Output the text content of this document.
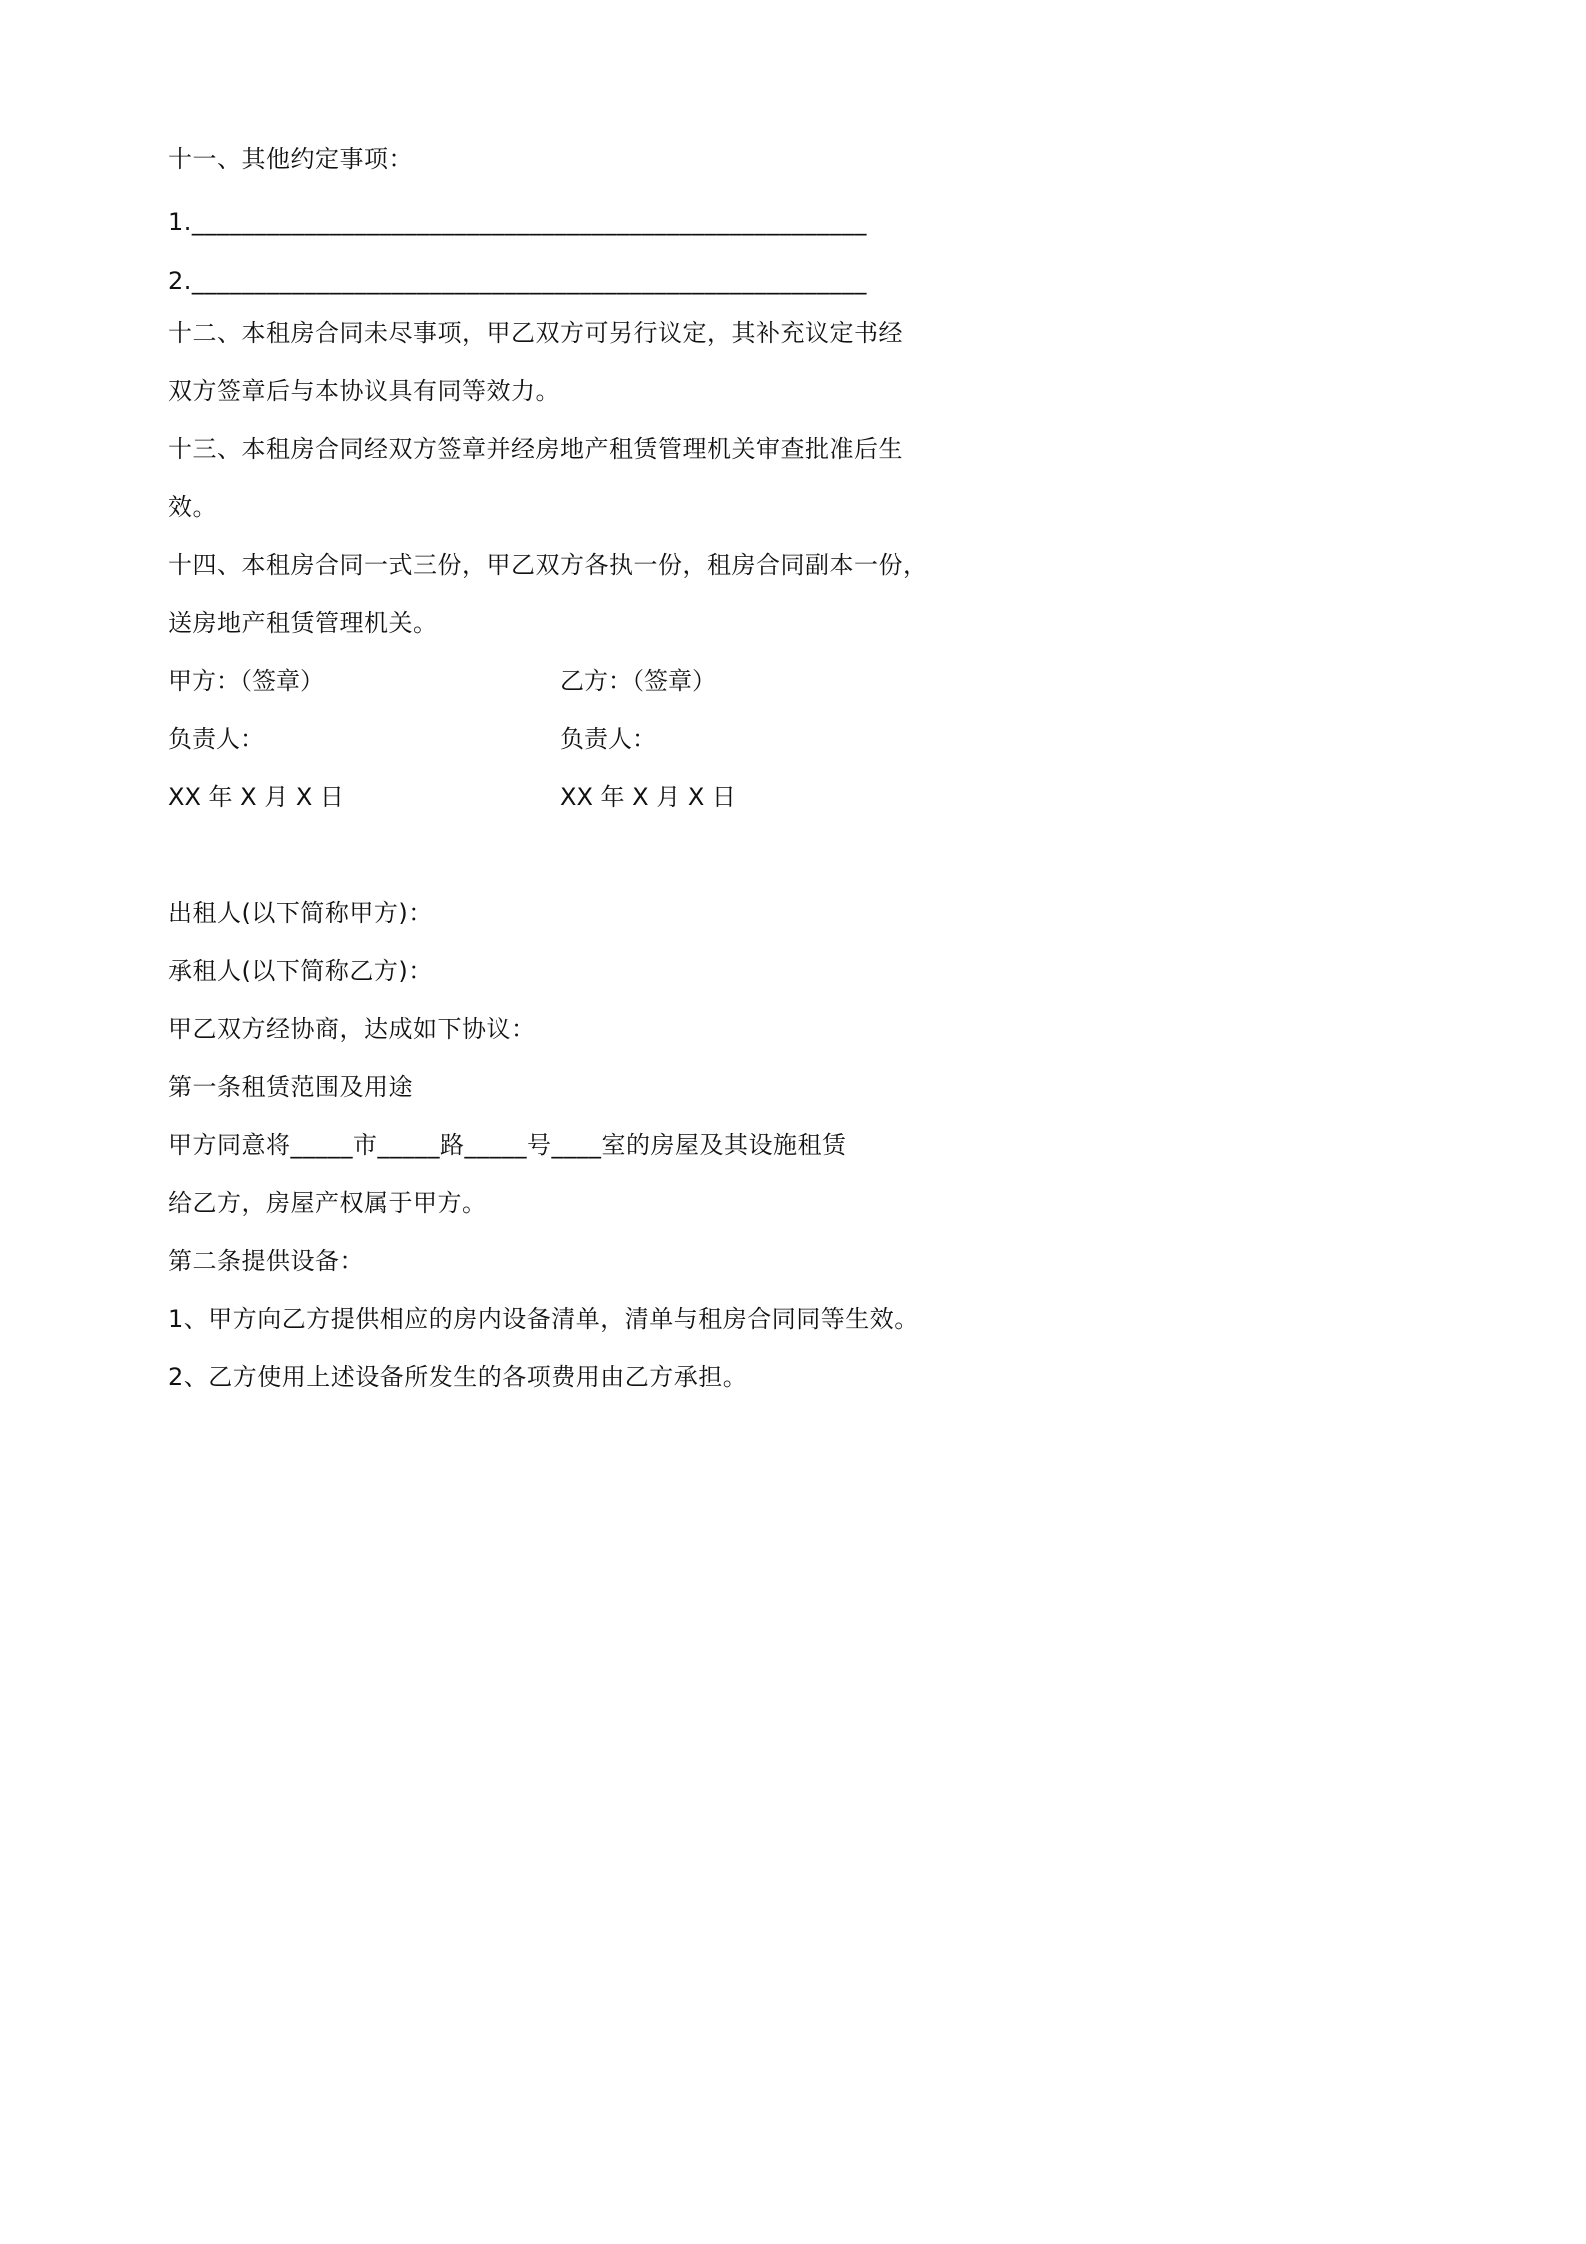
十一、其他约定事项：
1.______________________________________________________
2.______________________________________________________
十二、本租房合同未尽事项，甲乙双方可另行议定，其补充议定书经
双方签章后与本协议具有同等效力。
十三、本租房合同经双方签章并经房地产租赁管理机关审查批准后生
效。
十四、本租房合同一式三份，甲乙双方各执一份，租房合同副本一份，
送房地产租赁管理机关。
甲方：（签章）	乙方：（签章）
负责人：	负责人：
XX 年 X 月 X 日	XX 年 X 月 X 日
出租人(以下简称甲方)：
承租人(以下简称乙方)：
甲乙双方经协商，达成如下协议：
第一条租赁范围及用途
甲方同意将_____市_____路_____号____室的房屋及其设施租赁
给乙方，房屋产权属于甲方。
第二条提供设备：
1、甲方向乙方提供相应的房内设备清单，清单与租房合同同等生效。
2、乙方使用上述设备所发生的各项费用由乙方承担。
